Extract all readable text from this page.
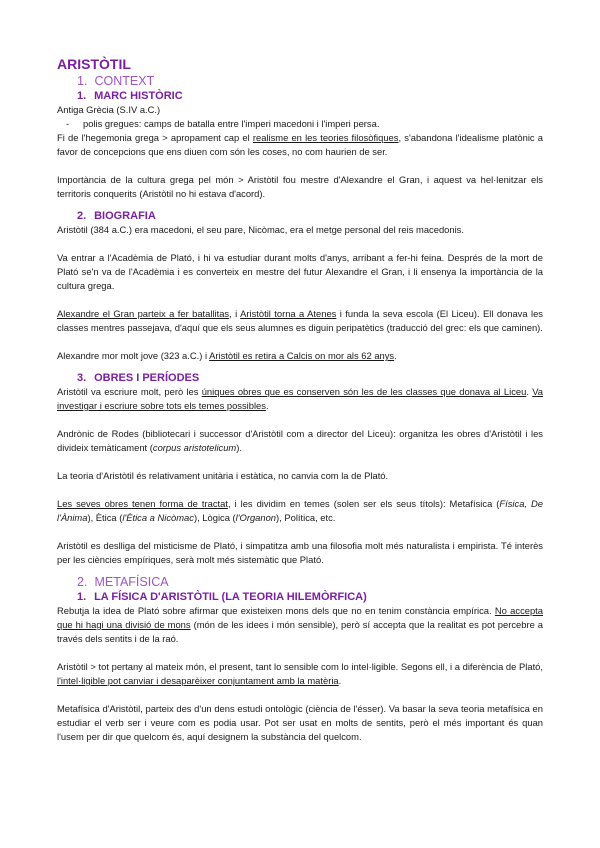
ARISTÒTIL
1. CONTEXT
1. MARC HISTÒRIC

Antiga Grècia (S.IV a.C.)

- polis gregues: camps de batalla entre l'imperi macedoni i l'imperi persa.

Fi de l'hegemonia grega > apropament cap el realisme en les teories filosòfiques, s'abandona l'idealisme platònic a favor de concepcions que ens diuen com són les coses, no com haurien de ser.

Importància de la cultura grega pel món > Aristòtil fou mestre d'Alexandre el Gran, i aquest va hel·lenitzar els territoris conquerits (Aristòtil no hi estava d'acord).

2. BIOGRAFIA

Aristòtil (384 a.C.) era macedoni, el seu pare, Nicòmac, era el metge personal del reis macedonis.

Va entrar a l'Acadèmia de Plató, i hi va estudiar durant molts d'anys, arribant a fer-hi feina. Després de la mort de Plató se'n va de l'Acadèmia i es converteix en mestre del futur Alexandre el Gran, i li ensenya la importància de la cultura grega.

Alexandre el Gran parteix a fer batallitas, i Aristòtil torna a Atenes i funda la seva escola (El Liceu). Ell donava les classes mentres passejava, d'aquí que els seus alumnes es diguin peripatètics (traducció del grec: els que caminen).

Alexandre mor molt jove (323 a.C.) i Aristòtil es retira a Calcis on mor als 62 anys.

3. OBRES I PERÍODES

Aristòtil va escriure molt, però les úniques obres que es conserven són les de les classes que donava al Liceu. Va investigar i escriure sobre tots els temes possibles.

Andrònic de Rodes (bibliotecari i successor d'Aristòtil com a director del Liceu): organitza les obres d'Aristòtil i les divideix temàticament (corpus aristotelicum).

La teoria d'Aristòtil és relativament unitària i estàtica, no canvia com la de Plató.

Les seves obres tenen forma de tractat, i les dividim en temes (solen ser els seus títols): Metafísica (Física, De l'Ànima), Ètica (l'Ètica a Nicòmac), Lògica (l'Organon), Política, etc.

Aristòtil es deslliga del misticisme de Plató, i simpatitza amb una filosofia molt més naturalista i empirista. Té interès per les ciències empíriques, serà molt més sistemàtic que Plató.

2. METAFÍSICA
1. LA FÍSICA D'ARISTÒTIL (LA TEORIA HILEMÒRFICA)

Rebutja la idea de Plató sobre afirmar que existeixen mons dels que no en tenim constància empírica. No accepta que hi hagi una divisió de mons (món de les idees i món sensible), però sí accepta que la realitat es pot percebre a través dels sentits i de la raó.

Aristòtil > tot pertany al mateix món, el present, tant lo sensible com lo intel·ligible. Segons ell, i a diferència de Plató, l'intel·ligible pot canviar i desaparèixer conjuntament amb la matèria.

Metafísica d'Aristòtil, parteix des d'un dens estudi ontològic (ciència de l'ésser). Va basar la seva teoria metafísica en estudiar el verb ser i veure com es podia usar. Pot ser usat en molts de sentits, però el més important és quan l'usem per dir que quelcom és, aquí designem la substància del quelcom.
